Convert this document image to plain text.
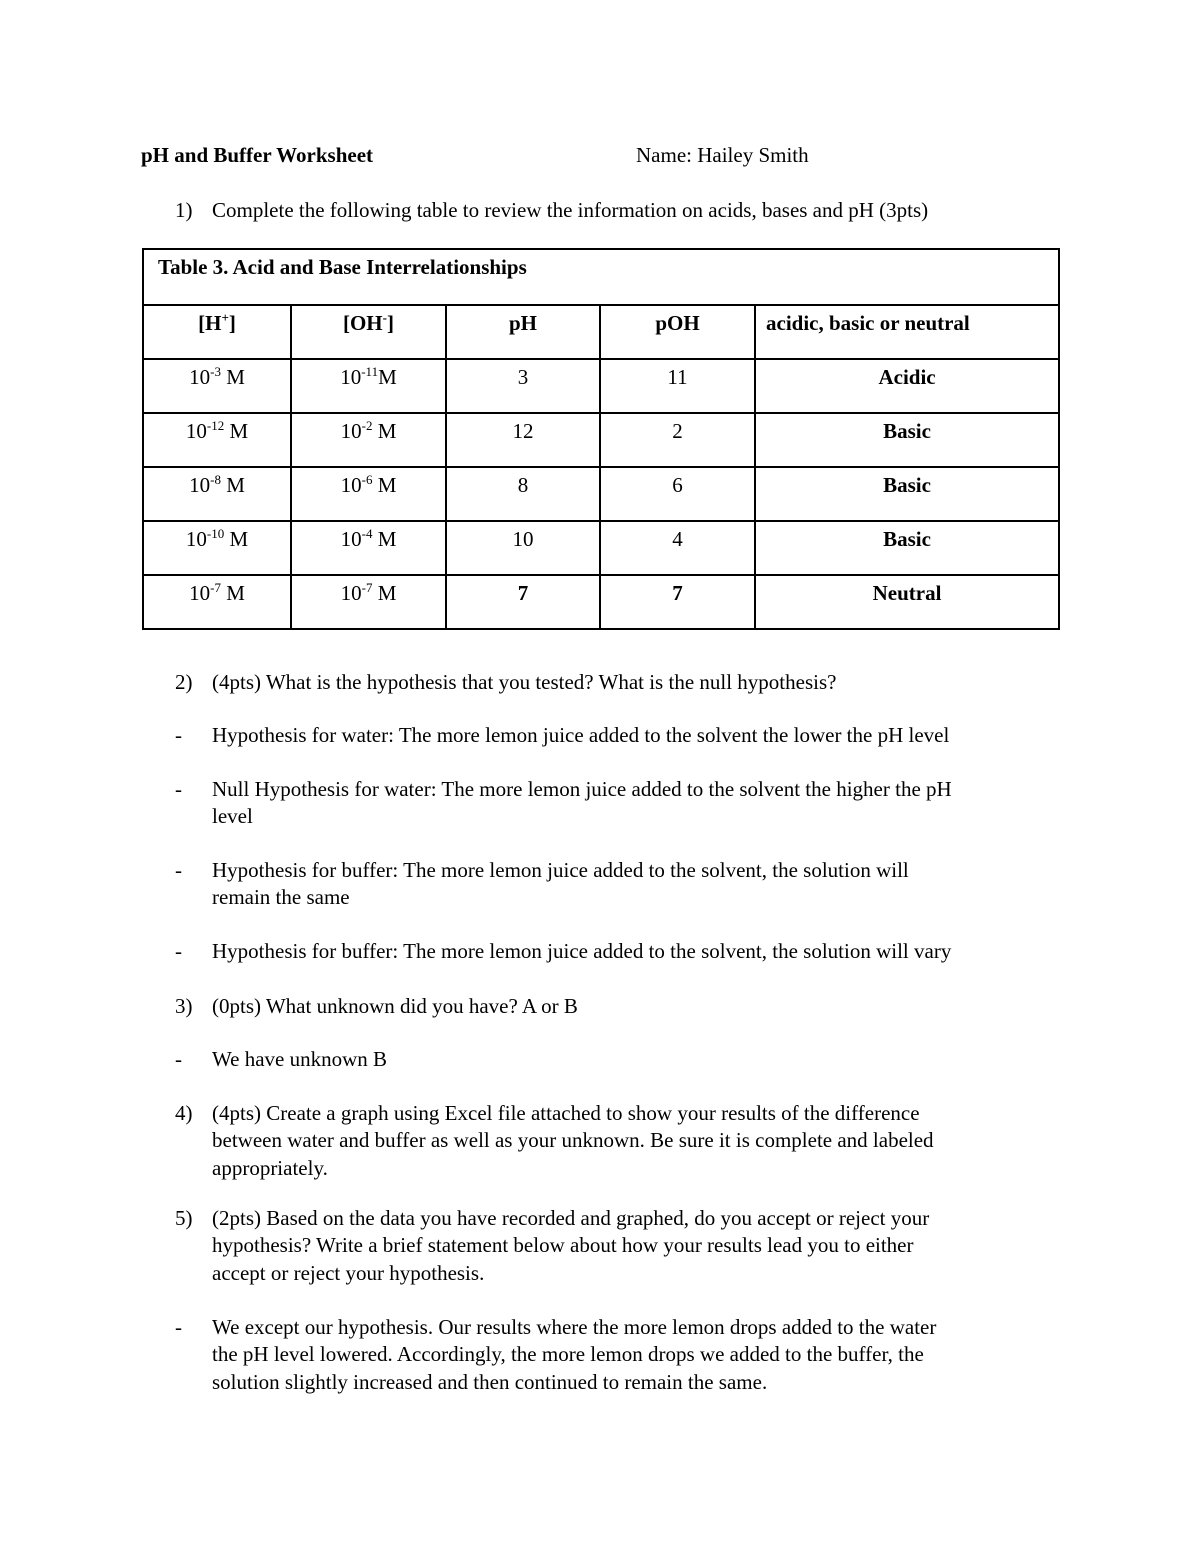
pH and Buffer Worksheet	Name: Hailey Smith
1) Complete the following table to review the information on acids, bases and pH (3pts)
Table 3. Acid and Base Interrelationships				

[H+]	[OH-]	pH	pOH	acidic, basic or neutral

$10^{-3}$ M	$10^{-11}M$	3	11	Acidic

$10^{-12}$ M	$10^{-2}$ M	12	2	Basic

$10^{-8}$ M	$10^{-6}$ M	8	6	Basic

$10^{-10}$ M	$10^{-4}$ M	10	4	Basic

$10^{-7}$ M	$10^{-7}$ M	7	7	Neutral
2) (4pts) What is the hypothesis that you tested? What is the null hypothesis?
- Hypothesis for water: The more lemon juice added to the solvent the lower the pH level
- Null Hypothesis for water: The more lemon juice added to the solvent the higher the pH
level
- Hypothesis for buffer: The more lemon juice added to the solvent, the solution will
remain the same
- Hypothesis for buffer: The more lemon juice added to the solvent, the solution will vary
3) (0pts) What unknown did you have? A or B
- We have unknown B
4) (4pts) Create a graph using Excel file attached to show your results of the difference
between water and buffer as well as your unknown. Be sure it is complete and labeled
appropriately.
5) (2pts) Based on the data you have recorded and graphed, do you accept or reject your
hypothesis? Write a brief statement below about how your results lead you to either
accept or reject your hypothesis.
- We except our hypothesis. Our results where the more lemon drops added to the water
the pH level lowered. Accordingly, the more lemon drops we added to the buffer, the
solution slightly increased and then continued to remain the same.
